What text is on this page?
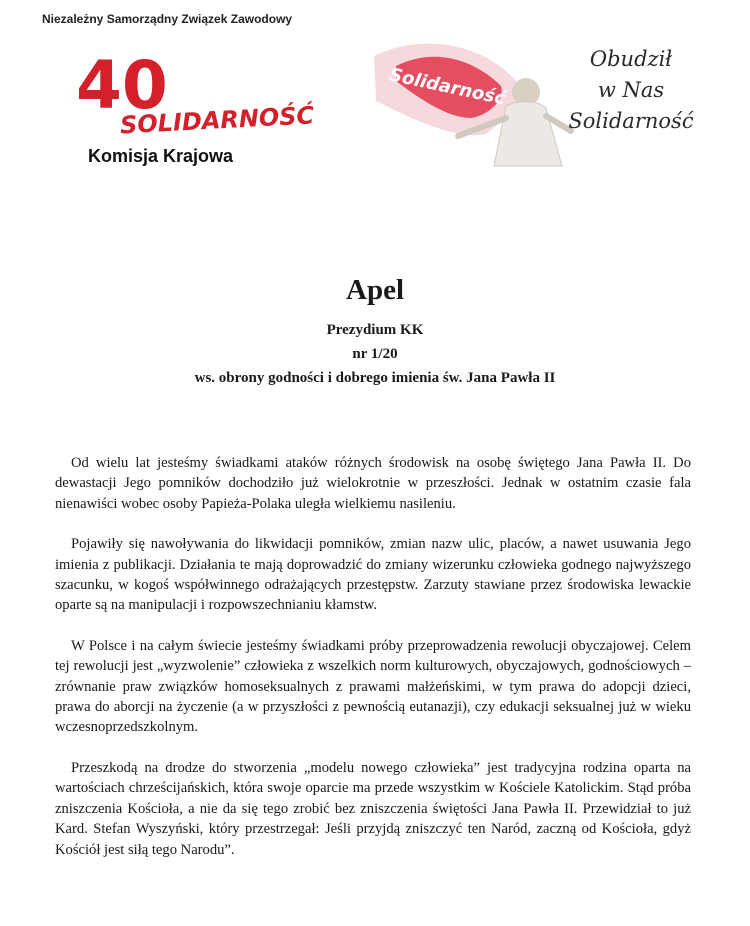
Niezależny Samorządny Związek Zawodowy
40
SOLIDARNOŚĆ
Komisja Krajowa
Solidarność
Obudził
w Nas
Solidarność
Apel

Prezydium KK

nr 1/20

ws. obrony godności i dobrego imienia św. Jana Pawła II

Od wielu lat jesteśmy świadkami ataków różnych środowisk na osobę świętego Jana Pawła II. Do dewastacji Jego pomników dochodziło już wielokrotnie w przeszłości. Jednak w ostatnim czasie fala nienawiści wobec osoby Papieża-Polaka uległa wielkiemu nasileniu.

Pojawiły się nawoływania do likwidacji pomników, zmian nazw ulic, placów, a nawet usuwania Jego imienia z publikacji. Działania te mają doprowadzić do zmiany wizerunku człowieka godnego najwyższego szacunku, w kogoś współwinnego odrażających przestępstw. Zarzuty stawiane przez środowiska lewackie oparte są na manipulacji i rozpowszechnianiu kłamstw.

W Polsce i na całym świecie jesteśmy świadkami próby przeprowadzenia rewolucji obyczajowej. Celem tej rewolucji jest „wyzwolenie” człowieka z wszelkich norm kulturowych, obyczajowych, godnościowych – zrównanie praw związków homoseksualnych z prawami małżeńskimi, w tym prawa do adopcji dzieci, prawa do aborcji na życzenie (a w przyszłości z pewnością eutanazji), czy edukacji seksualnej już w wieku wczesnoprzedszkolnym.

Przeszkodą na drodze do stworzenia „modelu nowego człowieka” jest tradycyjna rodzina oparta na wartościach chrześcijańskich, która swoje oparcie ma przede wszystkim w Kościele Katolickim. Stąd próba zniszczenia Kościoła, a nie da się tego zrobić bez zniszczenia świętości Jana Pawła II. Przewidział to już Kard. Stefan Wyszyński, który przestrzegał: Jeśli przyjdą zniszczyć ten Naród, zaczną od Kościoła, gdyż Kościół jest siłą tego Narodu”.
